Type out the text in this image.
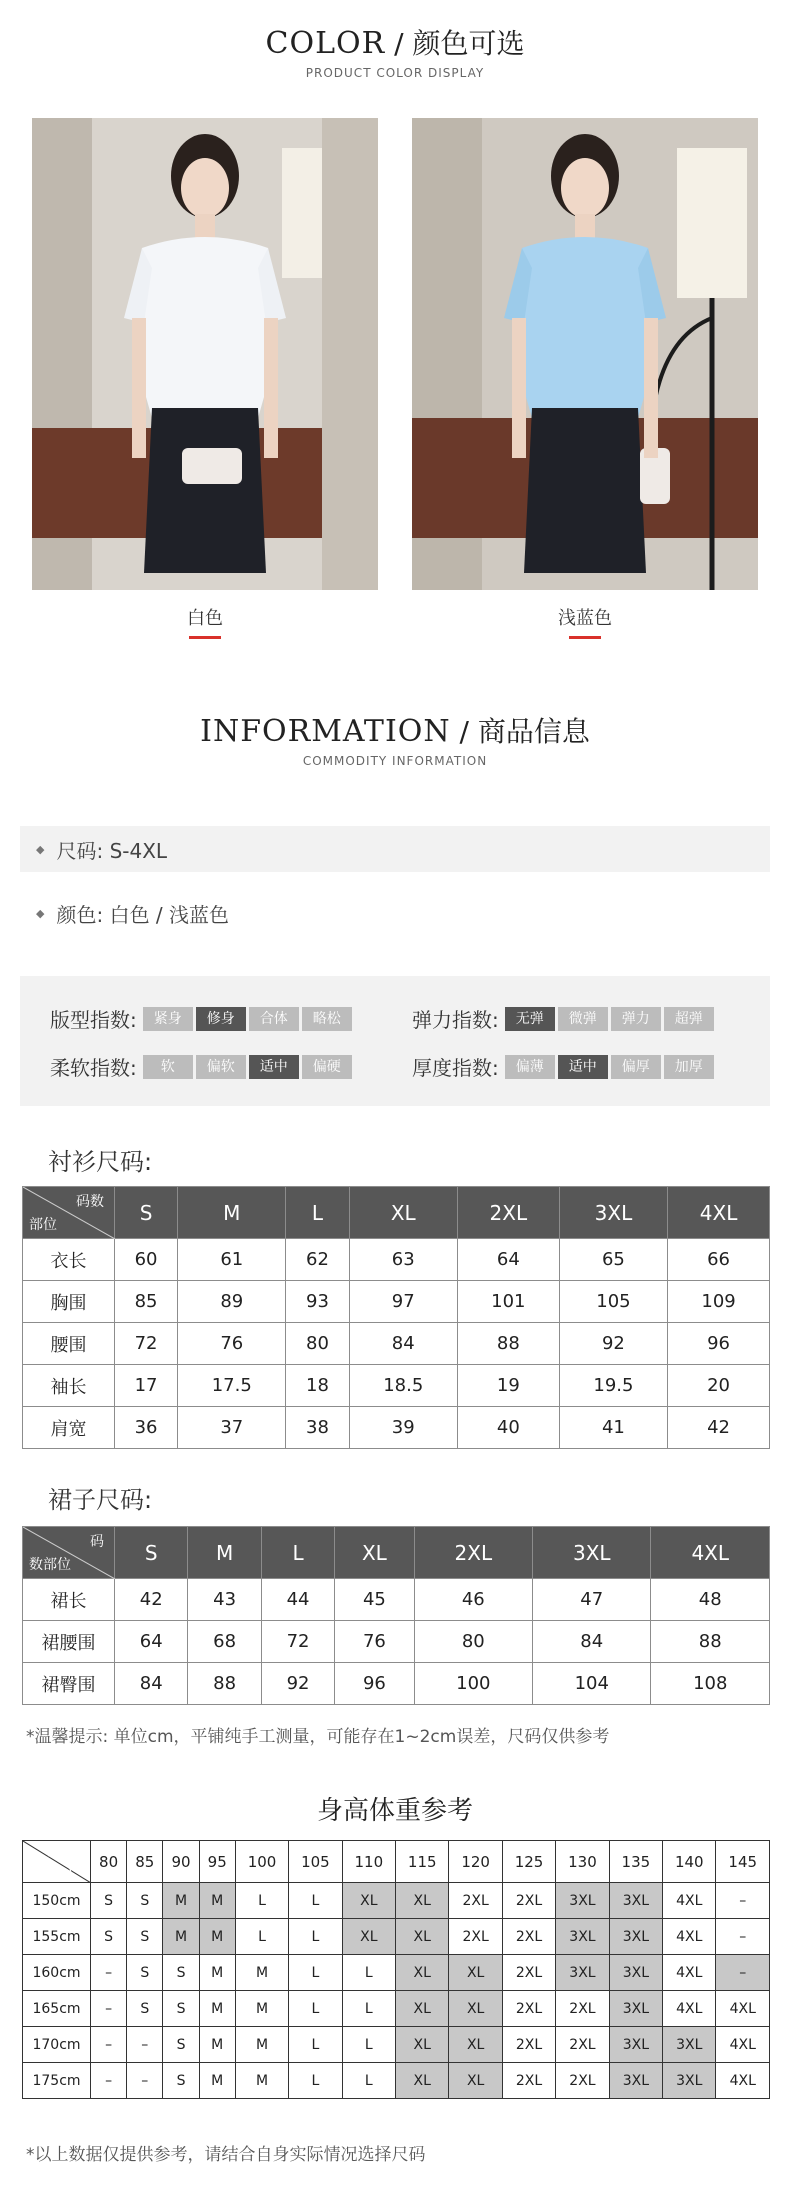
COLOR / 颜色可选
PRODUCT COLOR DISPLAY
白色	浅蓝色
INFORMATION / 商品信息
COMMODITY INFORMATION
◆ 尺码: S-4XL
◆ 颜色: 白色 / 浅蓝色
版型指数:	紧身	修身	合体	略松	弹力指数:	无弹	微弹	弹力	超弹
柔软指数:	软	偏软	适中	偏硬	厚度指数:	偏薄	适中	偏厚	加厚
衬衫尺码:
码数
部位	S	M	L	XL	2XL	3XL	4XL
衣长	60	61	62	63	64	65	66
胸围	85	89	93	97	101	105	109
腰围	72	76	80	84	88	92	96
袖长	17	17.5	18	18.5	19	19.5	20
肩宽	36	37	38	39	40	41	42
裙子尺码:
码
数部位	S	M	L	XL	2XL	3XL	4XL
裙长	42	43	44	45	46	47	48
裙腰围	64	68	72	76	80	84	88
裙臀围	84	88	92	96	100	104	108
*温馨提示: 单位cm，平铺纯手工测量，可能存在1~2cm误差，尺码仅供参考
身高体重参考
体重(斤)
身高(cm)	80	85	90	95	100	105	110	115	120	125	130	135	140	145
150cm	S	S	M	M	L	L	XL	XL	2XL	2XL	3XL	3XL	4XL	–
155cm	S	S	M	M	L	L	XL	XL	2XL	2XL	3XL	3XL	4XL	–
160cm	–	S	S	M	M	L	L	XL	XL	2XL	3XL	3XL	4XL	–
165cm	–	S	S	M	M	L	L	XL	XL	2XL	2XL	3XL	4XL	4XL
170cm	–	–	S	M	M	L	L	XL	XL	2XL	2XL	3XL	3XL	4XL
175cm	–	–	S	M	M	L	L	XL	XL	2XL	2XL	3XL	3XL	4XL
*以上数据仅提供参考，请结合自身实际情况选择尺码
